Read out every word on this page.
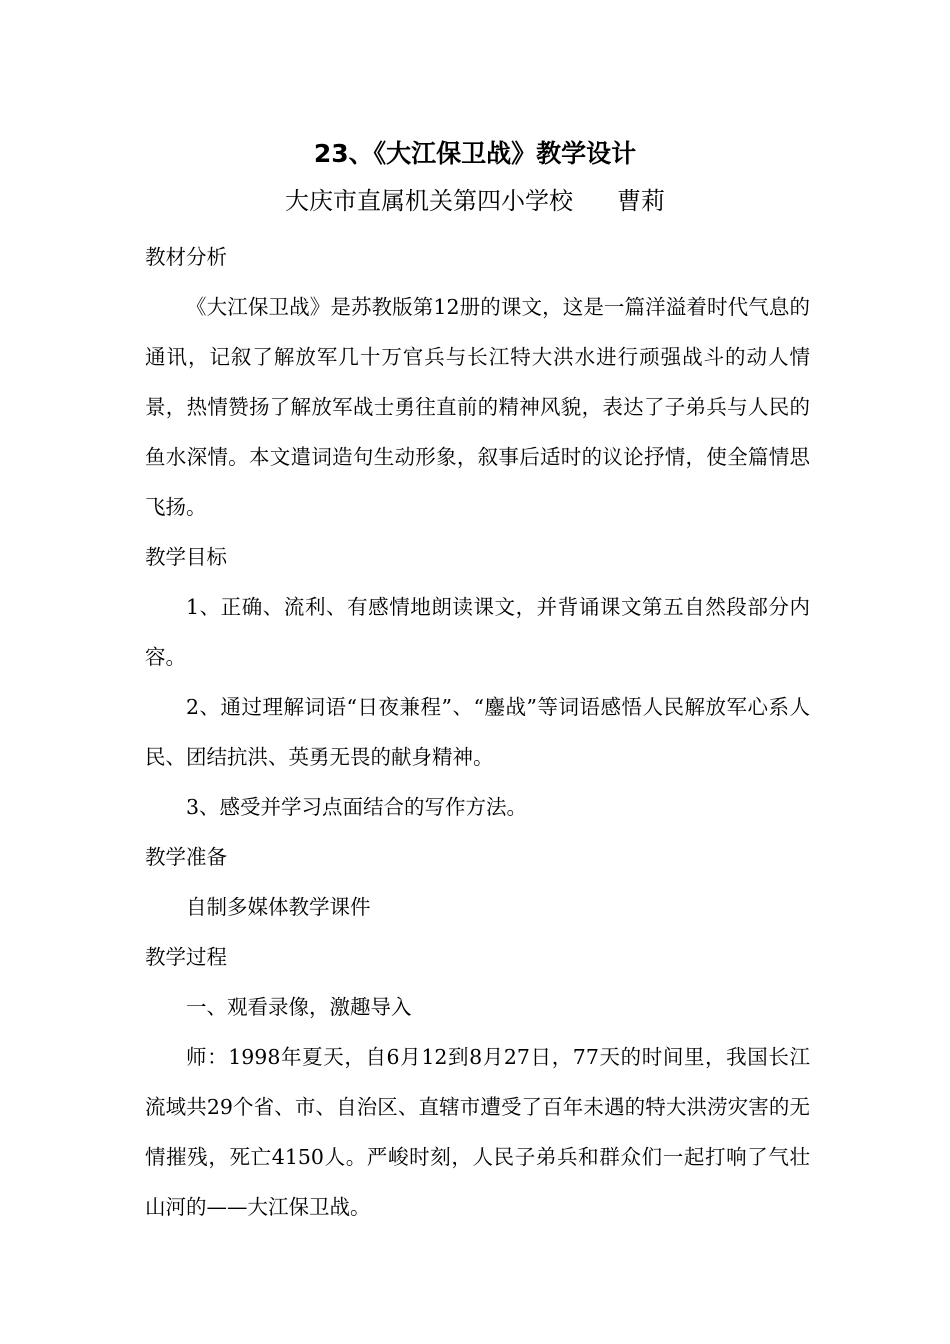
23、《大江保卫战》教学设计
大庆市直属机关第四小学校 曹莉

教材分析

《大江保卫战》是苏教版第12册的课文，这是一篇洋溢着时代气息的通讯，记叙了解放军几十万官兵与长江特大洪水进行顽强战斗的动人情景，热情赞扬了解放军战士勇往直前的精神风貌，表达了子弟兵与人民的鱼水深情。本文遣词造句生动形象，叙事后适时的议论抒情，使全篇情思飞扬。

教学目标

1、正确、流利、有感情地朗读课文，并背诵课文第五自然段部分内容。

2、通过理解词语“日夜兼程”、“鏖战”等词语感悟人民解放军心系人民、团结抗洪、英勇无畏的献身精神。

3、感受并学习点面结合的写作方法。

教学准备

自制多媒体教学课件

教学过程

一、观看录像，激趣导入

师：1998年夏天，自6月12到8月27日，77天的时间里，我国长江流域共29个省、市、自治区、直辖市遭受了百年未遇的特大洪涝灾害的无情摧残，死亡4150人。严峻时刻，人民子弟兵和群众们一起打响了气壮山河的——大江保卫战。
